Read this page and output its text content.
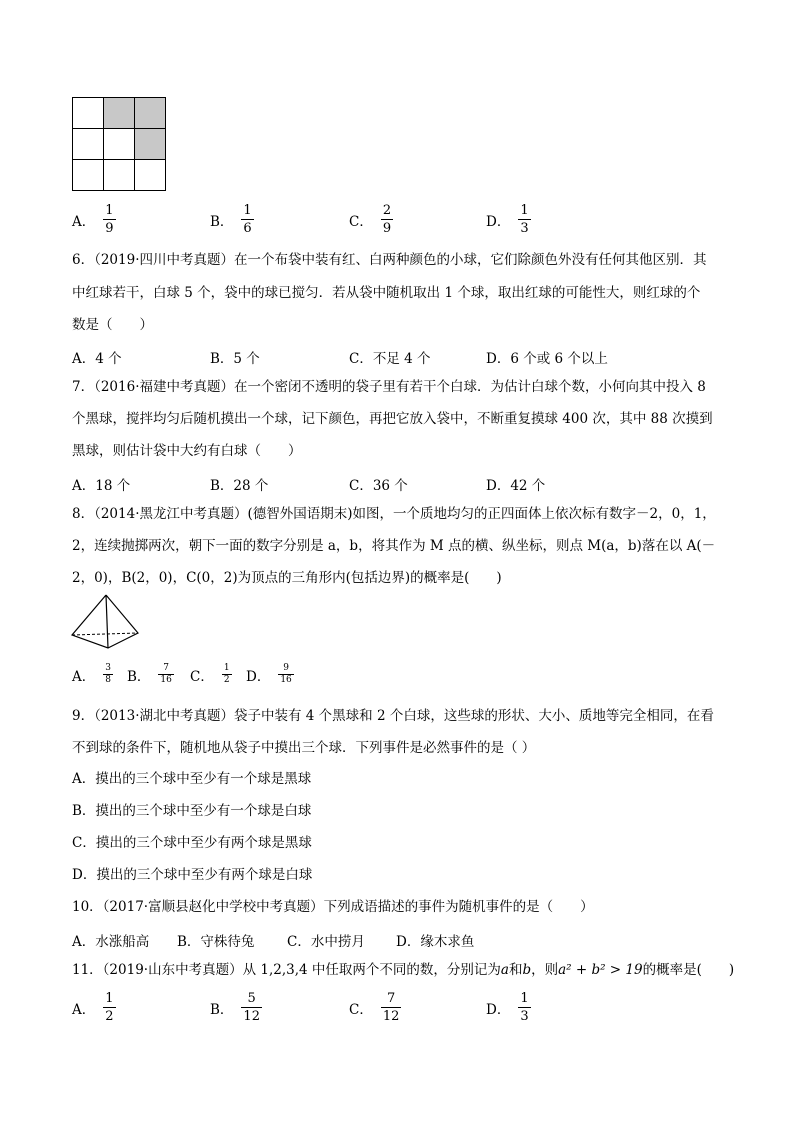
A． $\frac{1}{9}$	B． $\frac{1}{6}$	C． $\frac{2}{9}$	D． $\frac{1}{3}$
6．（2019·四川中考真题）在一个布袋中装有红、白两种颜色的小球，它们除颜色外没有任何其他区别．其
中红球若干，白球 5 个，袋中的球已搅匀．若从袋中随机取出 1 个球，取出红球的可能性大，则红球的个
数是（　　）
A．4 个	B．5 个	C．不足 4 个	D．6 个或 6 个以上
7．（2016·福建中考真题）在一个密闭不透明的袋子里有若干个白球．为估计白球个数，小何向其中投入 8
个黑球，搅拌均匀后随机摸出一个球，记下颜色，再把它放入袋中，不断重复摸球 400 次，其中 88 次摸到
黑球，则估计袋中大约有白球（　　）
A．18 个	B．28 个	C．36 个	D．42 个
8．（2014·黑龙江中考真题）(德智外国语期末)如图，一个质地均匀的正四面体上依次标有数字－2，0，1，
2，连续抛掷两次，朝下一面的数字分别是 a，b，将其作为 M 点的横、纵坐标，则点 M(a，b)落在以 A(－
2，0)，B(2，0)，C(0，2)为顶点的三角形内(包括边界)的概率是(　　)
A． $\frac{3}{8}$ B． $\frac{7}{16}$ C． $\frac{1}{2}$ D． $\frac{9}{16}$
9．（2013·湖北中考真题）袋子中装有 4 个黑球和 2 个白球，这些球的形状、大小、质地等完全相同，在看
不到球的条件下，随机地从袋子中摸出三个球．下列事件是必然事件的是（ ）
A．摸出的三个球中至少有一个球是黑球
B．摸出的三个球中至少有一个球是白球
C．摸出的三个球中至少有两个球是黑球
D．摸出的三个球中至少有两个球是白球
10．（2017·富顺县赵化中学校中考真题）下列成语描述的事件为随机事件的是（　　）
A．水涨船高 B．守株待兔 C．水中捞月 D．缘木求鱼
11．（2019·山东中考真题）从 1,2,3,4 中任取两个不同的数，分别记为a和b，则a² + b² > 19的概率是(　　)
A． $\frac{1}{2}$	B． $\frac{5}{12}$	C． $\frac{7}{12}$	D． $\frac{1}{3}$
